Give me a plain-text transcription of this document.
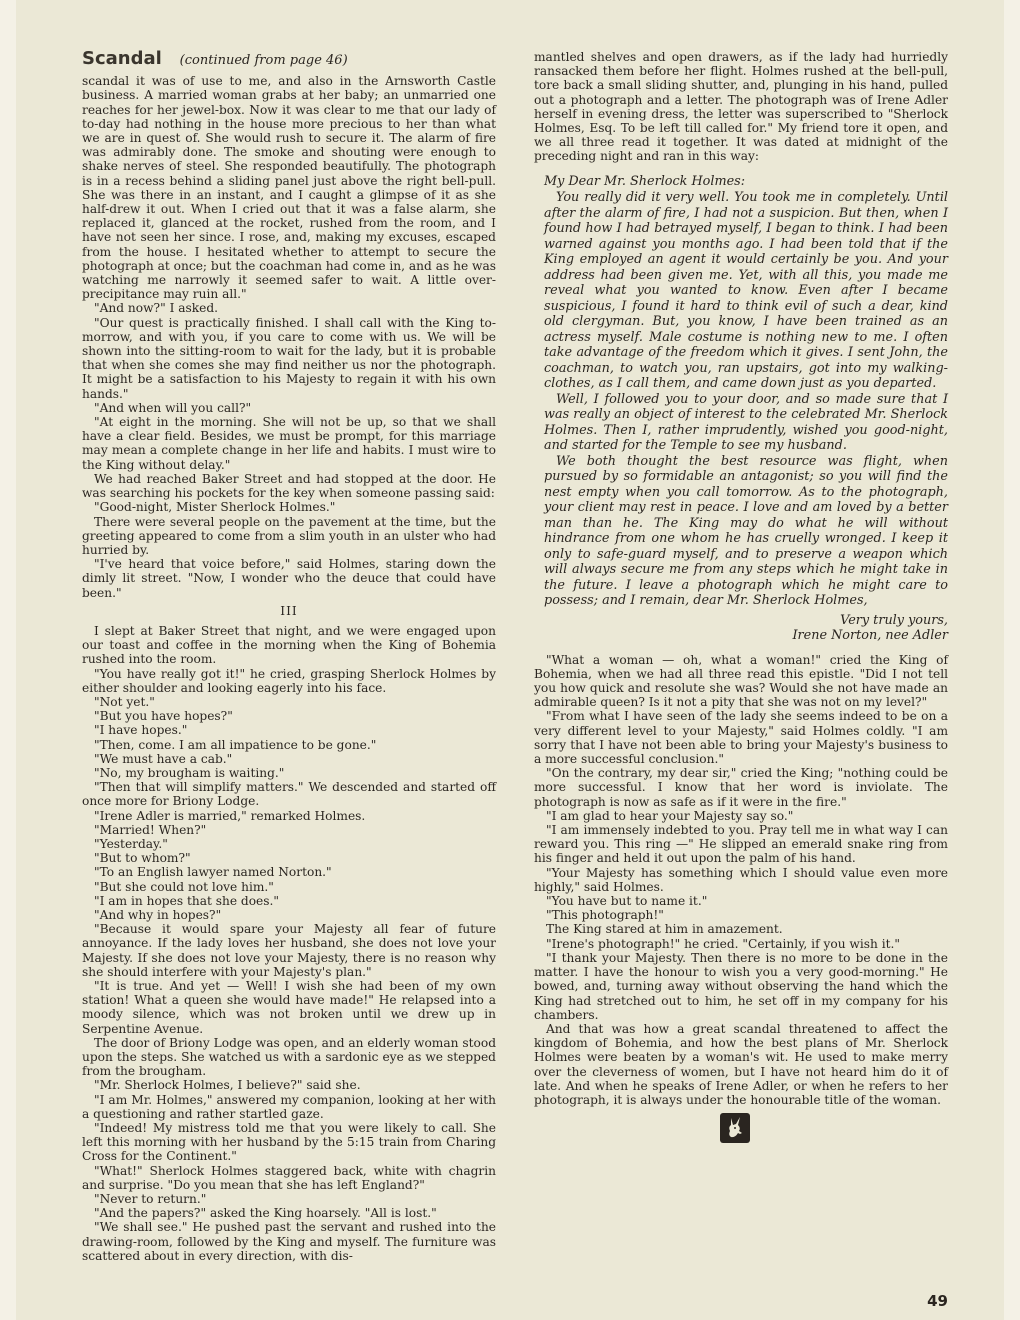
Scandal (continued from page 46)

scandal it was of use to me, and also in the Arnsworth Castle business. A married woman grabs at her baby; an unmarried one reaches for her jewel-box. Now it was clear to me that our lady of to-day had nothing in the house more precious to her than what we are in quest of. She would rush to secure it. The alarm of fire was admirably done. The smoke and shouting were enough to shake nerves of steel. She responded beautifully. The photograph is in a recess behind a sliding panel just above the right bell-pull. She was there in an instant, and I caught a glimpse of it as she half-drew it out. When I cried out that it was a false alarm, she replaced it, glanced at the rocket, rushed from the room, and I have not seen her since. I rose, and, making my excuses, escaped from the house. I hesitated whether to attempt to secure the photograph at once; but the coachman had come in, and as he was watching me narrowly it seemed safer to wait. A little over-precipitance may ruin all."

"And now?" I asked.

"Our quest is practically finished. I shall call with the King to-morrow, and with you, if you care to come with us. We will be shown into the sitting-room to wait for the lady, but it is probable that when she comes she may find neither us nor the photograph. It might be a satisfaction to his Majesty to regain it with his own hands."

"And when will you call?"

"At eight in the morning. She will not be up, so that we shall have a clear field. Besides, we must be prompt, for this marriage may mean a complete change in her life and habits. I must wire to the King without delay."

We had reached Baker Street and had stopped at the door. He was searching his pockets for the key when someone passing said:

"Good-night, Mister Sherlock Holmes."

There were several people on the pavement at the time, but the greeting appeared to come from a slim youth in an ulster who had hurried by.

"I've heard that voice before," said Holmes, staring down the dimly lit street. "Now, I wonder who the deuce that could have been."

III

I slept at Baker Street that night, and we were engaged upon our toast and coffee in the morning when the King of Bohemia rushed into the room.

"You have really got it!" he cried, grasping Sherlock Holmes by either shoulder and looking eagerly into his face.

"Not yet."

"But you have hopes?"

"I have hopes."

"Then, come. I am all impatience to be gone."

"We must have a cab."

"No, my brougham is waiting."

"Then that will simplify matters." We descended and started off once more for Briony Lodge.

"Irene Adler is married," remarked Holmes.

"Married! When?"

"Yesterday."

"But to whom?"

"To an English lawyer named Norton."

"But she could not love him."

"I am in hopes that she does."

"And why in hopes?"

"Because it would spare your Majesty all fear of future annoyance. If the lady loves her husband, she does not love your Majesty. If she does not love your Majesty, there is no reason why she should interfere with your Majesty's plan."

"It is true. And yet — Well! I wish she had been of my own station! What a queen she would have made!" He relapsed into a moody silence, which was not broken until we drew up in Serpentine Avenue.

The door of Briony Lodge was open, and an elderly woman stood upon the steps. She watched us with a sardonic eye as we stepped from the brougham.

"Mr. Sherlock Holmes, I believe?" said she.

"I am Mr. Holmes," answered my companion, looking at her with a questioning and rather startled gaze.

"Indeed! My mistress told me that you were likely to call. She left this morning with her husband by the 5:15 train from Charing Cross for the Continent."

"What!" Sherlock Holmes staggered back, white with chagrin and surprise. "Do you mean that she has left England?"

"Never to return."

"And the papers?" asked the King hoarsely. "All is lost."

"We shall see." He pushed past the servant and rushed into the drawing-room, followed by the King and myself. The furniture was scattered about in every direction, with dis-

mantled shelves and open drawers, as if the lady had hurriedly ransacked them before her flight. Holmes rushed at the bell-pull, tore back a small sliding shutter, and, plunging in his hand, pulled out a photograph and a letter. The photograph was of Irene Adler herself in evening dress, the letter was superscribed to "Sherlock Holmes, Esq. To be left till called for." My friend tore it open, and we all three read it together. It was dated at midnight of the preceding night and ran in this way:

My Dear Mr. Sherlock Holmes:

You really did it very well. You took me in completely. Until after the alarm of fire, I had not a suspicion. But then, when I found how I had betrayed myself, I began to think. I had been warned against you months ago. I had been told that if the King employed an agent it would certainly be you. And your address had been given me. Yet, with all this, you made me reveal what you wanted to know. Even after I became suspicious, I found it hard to think evil of such a dear, kind old clergyman. But, you know, I have been trained as an actress myself. Male costume is nothing new to me. I often take advantage of the freedom which it gives. I sent John, the coachman, to watch you, ran upstairs, got into my walking-clothes, as I call them, and came down just as you departed.

Well, I followed you to your door, and so made sure that I was really an object of interest to the celebrated Mr. Sherlock Holmes. Then I, rather imprudently, wished you good-night, and started for the Temple to see my husband.

We both thought the best resource was flight, when pursued by so formidable an antagonist; so you will find the nest empty when you call tomorrow. As to the photograph, your client may rest in peace. I love and am loved by a better man than he. The King may do what he will without hindrance from one whom he has cruelly wronged. I keep it only to safe-guard myself, and to preserve a weapon which will always secure me from any steps which he might take in the future. I leave a photograph which he might care to possess; and I remain, dear Mr. Sherlock Holmes,

Very truly yours,
Irene Norton, nee Adler

"What a woman — oh, what a woman!" cried the King of Bohemia, when we had all three read this epistle. "Did I not tell you how quick and resolute she was? Would she not have made an admirable queen? Is it not a pity that she was not on my level?"

"From what I have seen of the lady she seems indeed to be on a very different level to your Majesty," said Holmes coldly. "I am sorry that I have not been able to bring your Majesty's business to a more successful conclusion."

"On the contrary, my dear sir," cried the King; "nothing could be more successful. I know that her word is inviolate. The photograph is now as safe as if it were in the fire."

"I am glad to hear your Majesty say so."

"I am immensely indebted to you. Pray tell me in what way I can reward you. This ring —" He slipped an emerald snake ring from his finger and held it out upon the palm of his hand.

"Your Majesty has something which I should value even more highly," said Holmes.

"You have but to name it."

"This photograph!"

The King stared at him in amazement.

"Irene's photograph!" he cried. "Certainly, if you wish it."

"I thank your Majesty. Then there is no more to be done in the matter. I have the honour to wish you a very good-morning." He bowed, and, turning away without observing the hand which the King had stretched out to him, he set off in my company for his chambers.

And that was how a great scandal threatened to affect the kingdom of Bohemia, and how the best plans of Mr. Sherlock Holmes were beaten by a woman's wit. He used to make merry over the cleverness of women, but I have not heard him do it of late. And when he speaks of Irene Adler, or when he refers to her photograph, it is always under the honourable title of the woman.

49
